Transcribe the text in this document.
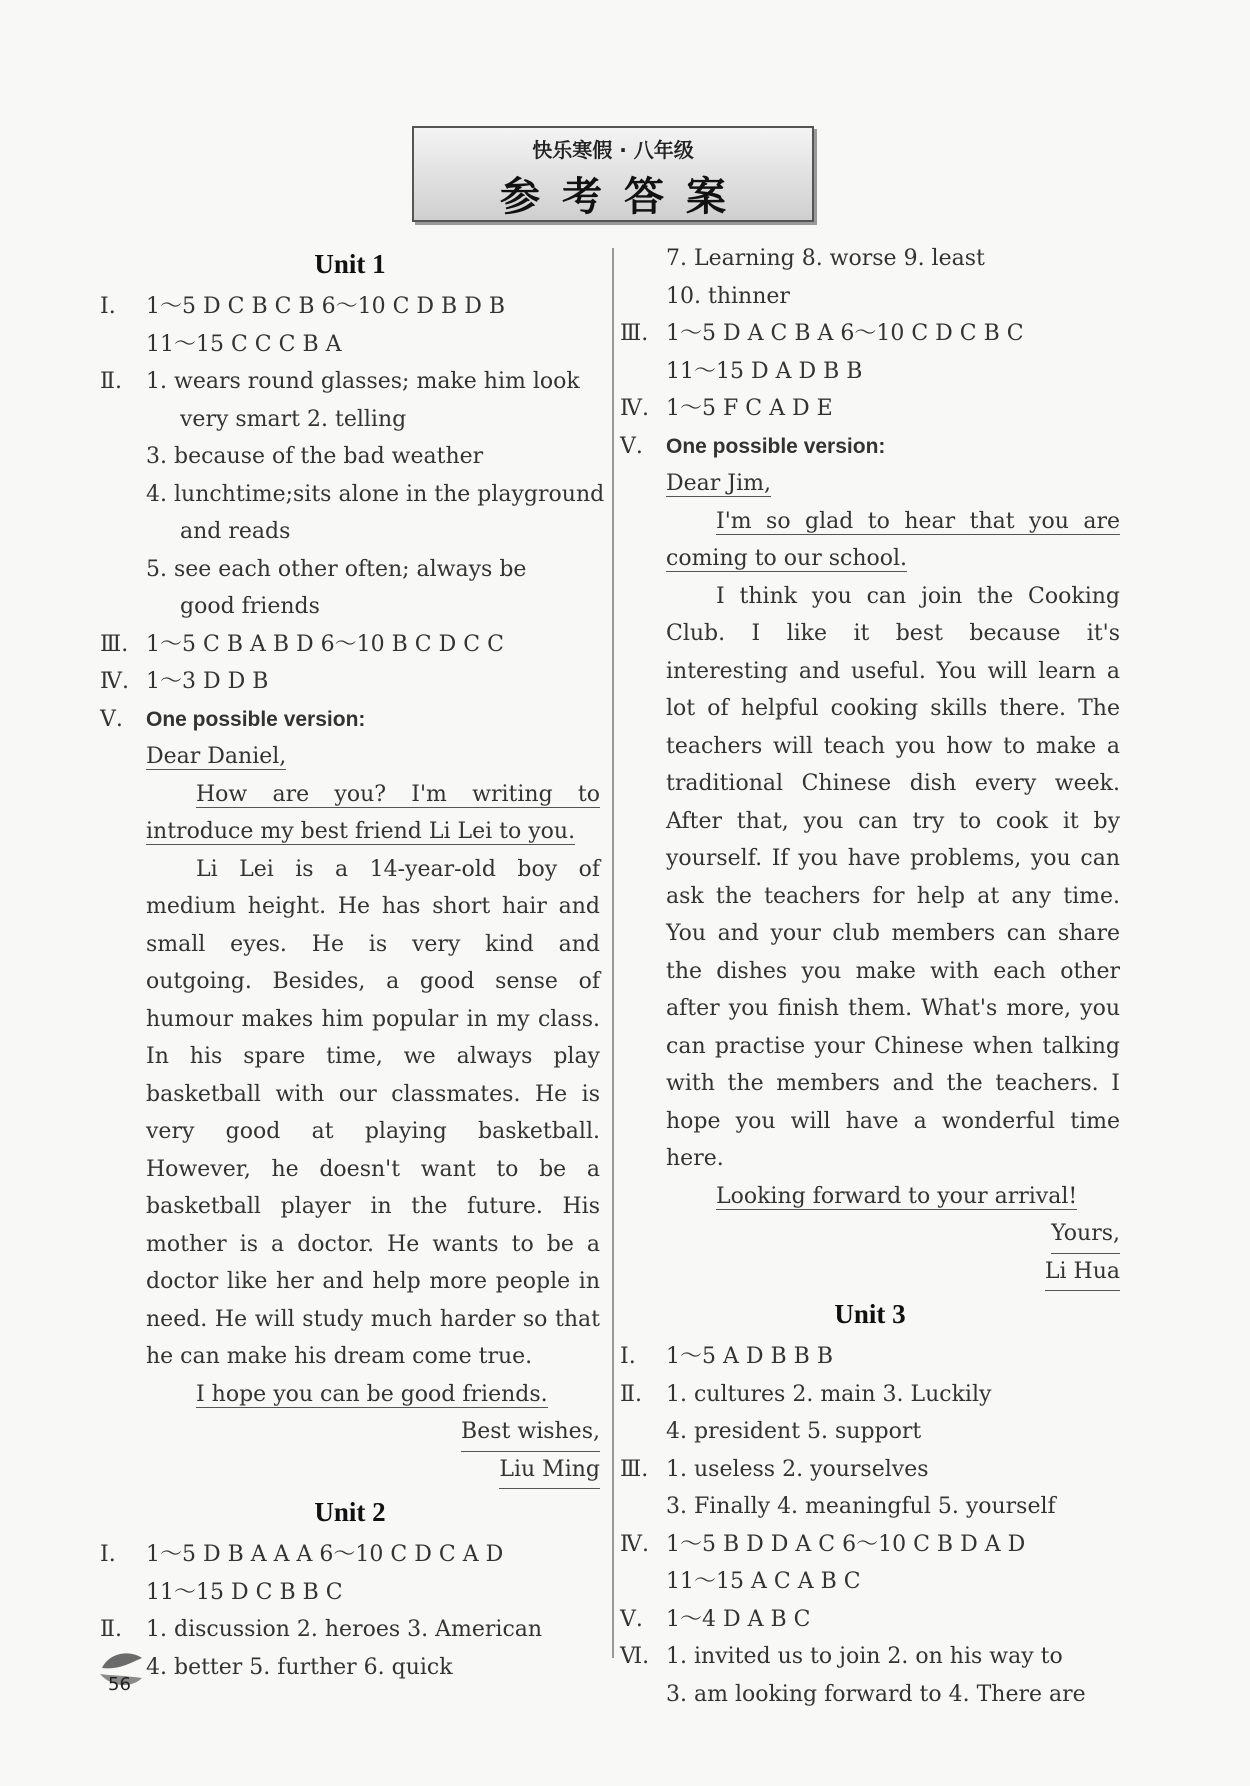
快乐寒假 · 八年级
参考答案
Unit 1
Ⅰ. 1～5 D C B C B 6～10 C D B D B
11～15 C C C B A
Ⅱ. 1. wears round glasses; make him look
very smart 2. telling
3. because of the bad weather
4. lunchtime;sits alone in the playground
and reads
5. see each other often; always be
good friends
Ⅲ. 1～5 C B A B D 6～10 B C D C C
Ⅳ. 1～3 D D B
Ⅴ. One possible version:
Dear Daniel,
How are you? I'm writing to introduce my best friend Li Lei to you.
Li Lei is a 14-year-old boy of medium height. He has short hair and small eyes. He is very kind and outgoing. Besides, a good sense of humour makes him popular in my class. In his spare time, we always play basketball with our classmates. He is very good at playing basketball. However, he doesn't want to be a basketball player in the future. His mother is a doctor. He wants to be a doctor like her and help more people in need. He will study much harder so that he can make his dream come true.
I hope you can be good friends.
Best wishes,
Liu Ming
Unit 2
Ⅰ. 1～5 D B A A A 6～10 C D C A D
11～15 D C B B C
Ⅱ. 1. discussion 2. heroes 3. American
4. better 5. further 6. quick
7. Learning 8. worse 9. least
10. thinner
Ⅲ. 1～5 D A C B A 6～10 C D C B C
11～15 D A D B B
Ⅳ. 1～5 F C A D E
Ⅴ. One possible version:
Dear Jim,
I'm so glad to hear that you are coming to our school.
I think you can join the Cooking Club. I like it best because it's interesting and useful. You will learn a lot of helpful cooking skills there. The teachers will teach you how to make a traditional Chinese dish every week. After that, you can try to cook it by yourself. If you have problems, you can ask the teachers for help at any time. You and your club members can share the dishes you make with each other after you finish them. What's more, you can practise your Chinese when talking with the members and the teachers. I hope you will have a wonderful time here.
Looking forward to your arrival!
Yours,
Li Hua
Unit 3
Ⅰ. 1～5 A D B B B
Ⅱ. 1. cultures 2. main 3. Luckily
4. president 5. support
Ⅲ. 1. useless 2. yourselves
3. Finally 4. meaningful 5. yourself
Ⅳ. 1～5 B D D A C 6～10 C B D A D
11～15 A C A B C
Ⅴ. 1～4 D A B C
Ⅵ. 1. invited us to join 2. on his way to
3. am looking forward to 4. There are
56
